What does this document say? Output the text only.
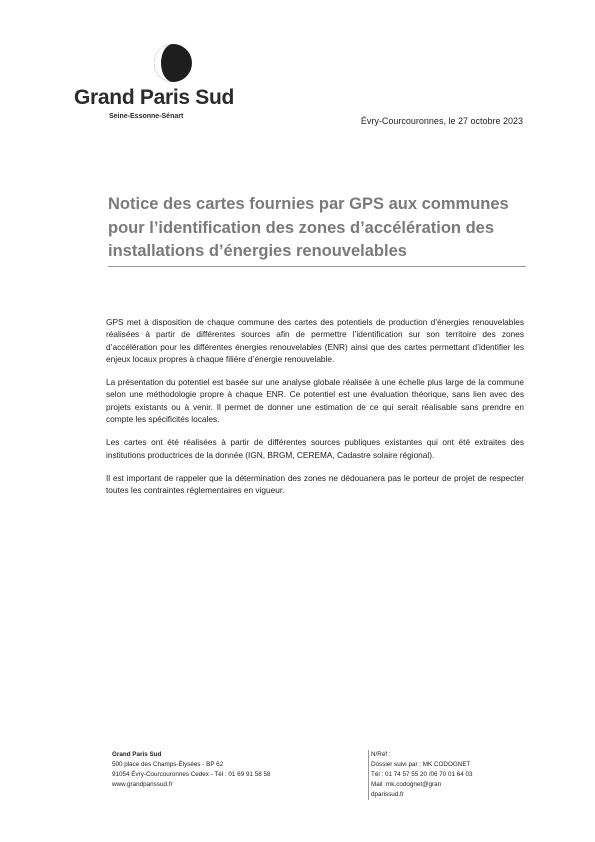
Grand Paris Sud
Seine-Essonne-Sénart	Évry-Courcouronnes, le 27 octobre 2023
Notice des cartes fournies par GPS aux communes
pour l’identification des zones d’accélération des
installations d’énergies renouvelables

GPS met à disposition de chaque commune des cartes des potentiels de production d’énergies renouvelables réalisées à partir de différentes sources afin de permettre l’identification sur son territoire des zones d’accélération pour les différentes énergies renouvelables (ENR) ainsi que des cartes permettant d’identifier les enjeux locaux propres à chaque filière d’énergie renouvelable.

La présentation du potentiel est basée sur une analyse globale réalisée à une échelle plus large de la commune selon une méthodologie propre à chaque ENR. Ce potentiel est une évaluation théorique, sans lien avec des projets existants ou à venir. Il permet de donner une estimation de ce qui serait réalisable sans prendre en compte les spécificités locales.

Les cartes ont été réalisées à partir de différentes sources publiques existantes qui ont été extraites des institutions productrices de la donnée (IGN, BRGM, CEREMA, Cadastre solaire régional).

Il est important de rappeler que la détermination des zones ne dédouanera pas le porteur de projet de respecter toutes les contraintes réglementaires en vigueur.

Grand Paris Sud
500 place des Champs-Élysées - BP 62
91054 Évry-Courcouronnes Cedex - Tél : 01 69 91 58 58
www.grandparissud.fr
N/Réf :
Dossier suivi par : MK CODOGNET
Tél : 01 74 57 55 20 /06 70 01 64 03
Mail :mk.codognet@gran
dparissud.fr
